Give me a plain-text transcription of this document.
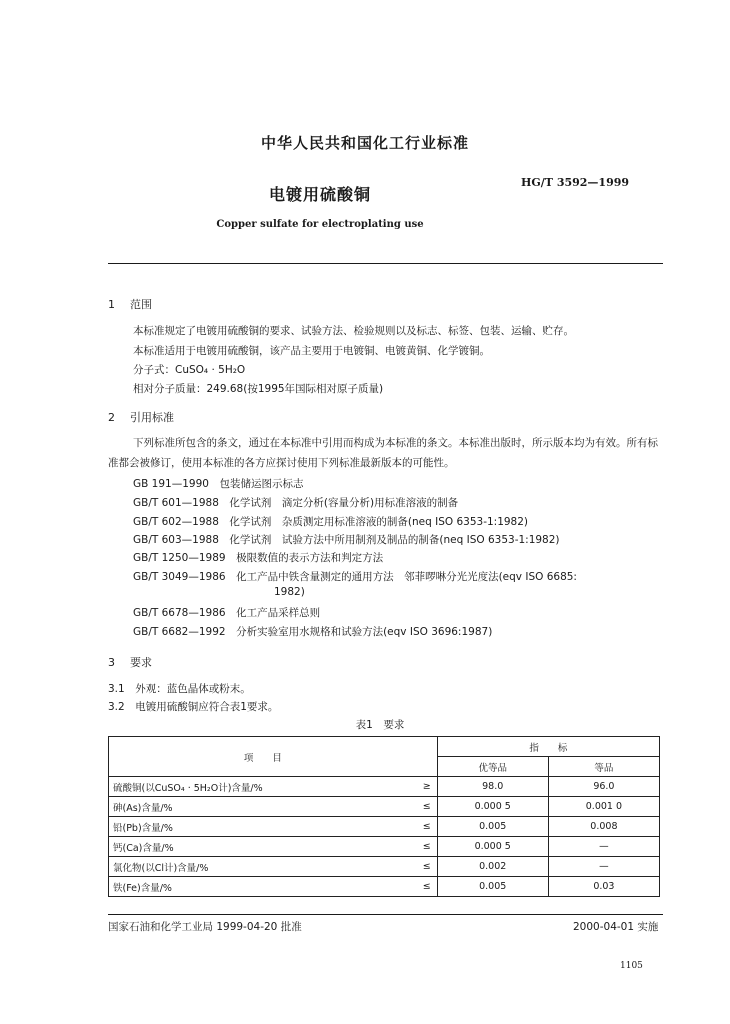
中华人民共和国化工行业标准
HG/T 3592—1999
电镀用硫酸铜
Copper sulfate for electroplating use
1 范围
本标准规定了电镀用硫酸铜的要求、试验方法、检验规则以及标志、标签、包装、运输、贮存。
本标准适用于电镀用硫酸铜，该产品主要用于电镀铜、电镀黄铜、化学镀铜。
分子式：CuSO₄ · 5H₂O
相对分子质量：249.68(按1995年国际相对原子质量)
2 引用标准
下列标准所包含的条文，通过在本标准中引用而构成为本标准的条文。本标准出版时，所示版本均为有效。所有标准都会被修订，使用本标准的各方应探讨使用下列标准最新版本的可能性。
GB 191—1990　包装储运图示标志
GB/T 601—1988　化学试剂　滴定分析(容量分析)用标准溶液的制备
GB/T 602—1988　化学试剂　杂质测定用标准溶液的制备(neq ISO 6353-1:1982)
GB/T 603—1988　化学试剂　试验方法中所用制剂及制品的制备(neq ISO 6353-1:1982)
GB/T 1250—1989　极限数值的表示方法和判定方法
GB/T 3049—1986　化工产品中铁含量测定的通用方法　邻菲啰啉分光光度法(eqv ISO 6685:
1982)
GB/T 6678—1986　化工产品采样总则
GB/T 6682—1992　分析实验室用水规格和试验方法(eqv ISO 3696:1987)
3 要求
3.1　外观：蓝色晶体或粉末。
3.2　电镀用硫酸铜应符合表1要求。
表1　要求
项　　目		指　　标	
		优等品	等品
硫酸铜(以CuSO₄ · 5H₂O计)含量/%	≥	98.0	96.0
砷(As)含量/%	≤	0.000 5	0.001 0
铅(Pb)含量/%	≤	0.005	0.008
钙(Ca)含量/%	≤	0.000 5	—
氯化物(以Cl计)含量/%	≤	0.002	—
铁(Fe)含量/%	≤	0.005	0.03
国家石油和化学工业局 1999-04-20 批准	2000-04-01 实施
1105
